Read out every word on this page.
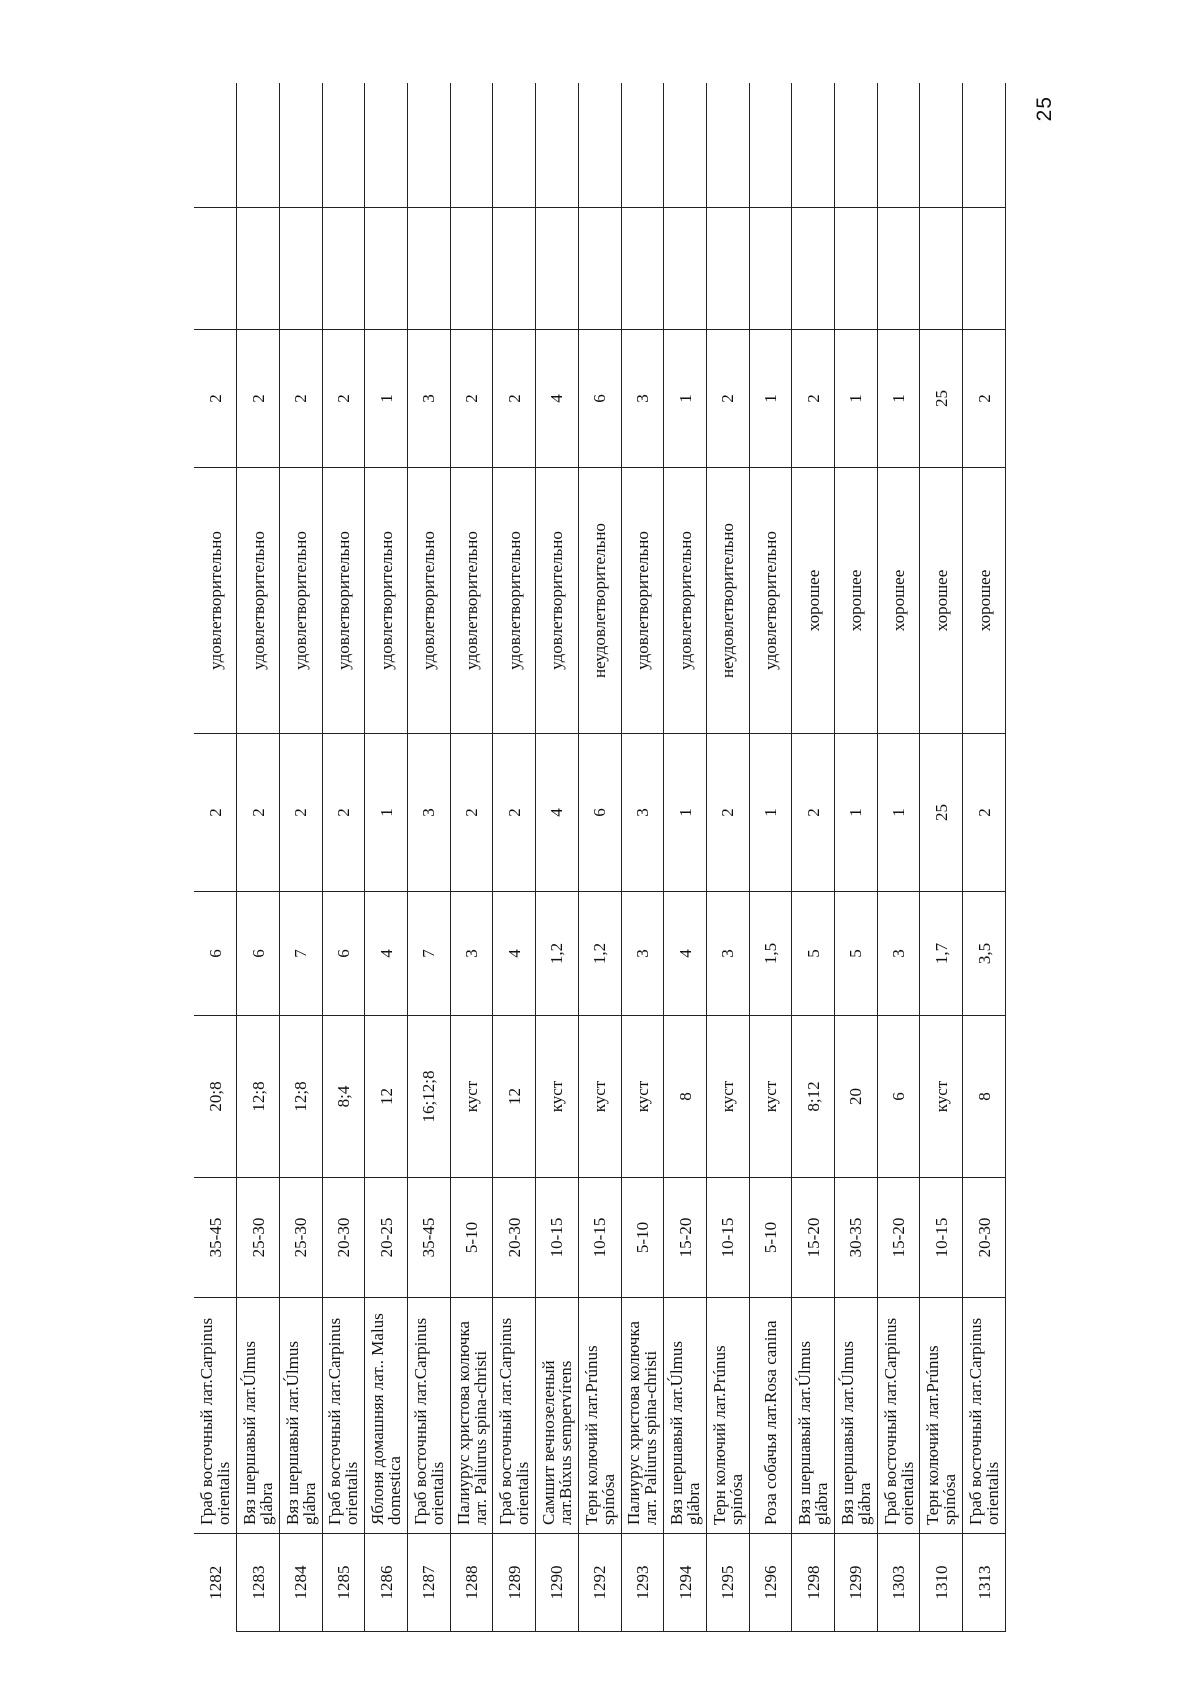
1282	Граб восточный лат.Carpinus orientalis	35-45	20;8	6	2	удовлетворительно	2		
1283	Вяз шершавый лат.Úlmus glábra	25-30	12;8	6	2	удовлетворительно	2		
1284	Вяз шершавый лат.Úlmus glábra	25-30	12;8	7	2	удовлетворительно	2		
1285	Граб восточный лат.Carpinus orientalis	20-30	8;4	6	2	удовлетворительно	2		
1286	Яблоня домашняя лат.. Malus domestica	20-25	12	4	1	удовлетворительно	1		
1287	Граб восточный лат.Carpinus orientalis	35-45	16;12;8	7	3	удовлетворительно	3		
1288	Палиурус христова колючка лат. Paliurus spina-christi	5-10	куст	3	2	удовлетворительно	2		
1289	Граб восточный лат.Carpinus orientalis	20-30	12	4	2	удовлетворительно	2		
1290	Самшит вечнозеленый лат.Búxus sempervírens	10-15	куст	1,2	4	удовлетворительно	4		
1292	Терн колючий лат.Prúnus spinósa	10-15	куст	1,2	6	неудовлетворительно	6		
1293	Палиурус христова колючка лат. Paliurus spina-christi	5-10	куст	3	3	удовлетворительно	3		
1294	Вяз шершавый лат.Úlmus glábra	15-20	8	4	1	удовлетворительно	1		
1295	Терн колючий лат.Prúnus spinósa	10-15	куст	3	2	неудовлетворительно	2		
1296	Роза собачья лат.Rosa canina	5-10	куст	1,5	1	удовлетворительно	1		
1298	Вяз шершавый лат.Úlmus glábra	15-20	8;12	5	2	хорошее	2		
1299	Вяз шершавый лат.Úlmus glábra	30-35	20	5	1	хорошее	1		
1303	Граб восточный лат.Carpinus orientalis	15-20	6	3	1	хорошее	1		
1310	Терн колючий лат.Prúnus spinósa	10-15	куст	1,7	25	хорошее	25		
1313	Граб восточный лат.Carpinus orientalis	20-30	8	3,5	2	хорошее	2		
25
